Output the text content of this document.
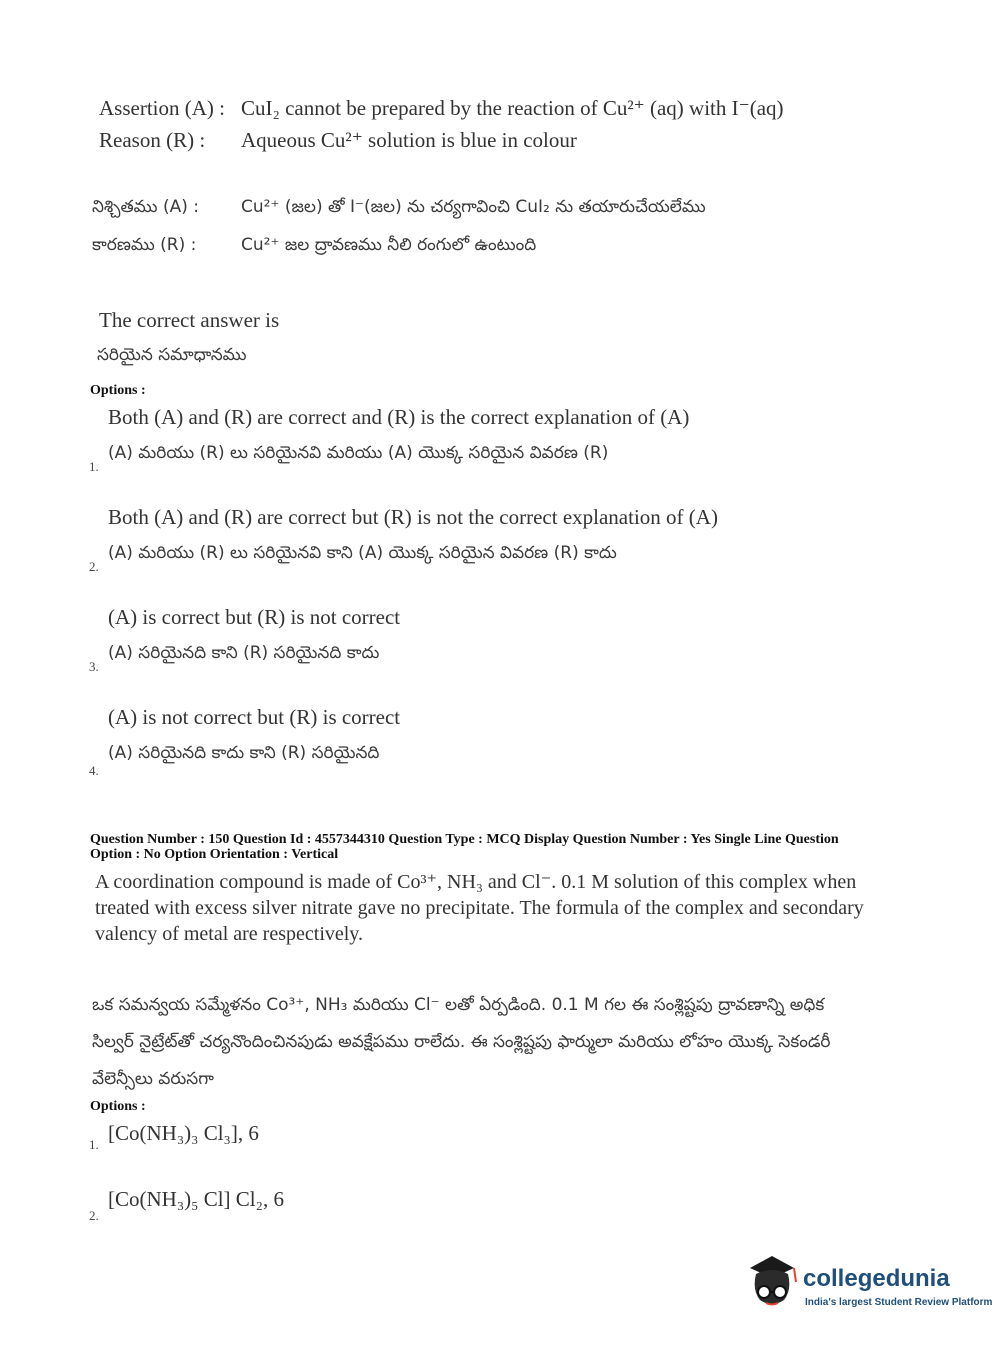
Assertion (A) : CuI₂ cannot be prepared by the reaction of Cu²⁺ (aq) with I⁻(aq)
Reason (R) : Aqueous Cu²⁺ solution is blue in colour
నిశ్చితము (A) : Cu²⁺ (జల) తో I⁻(జల) ను చర్యగావించి CuI₂ ను తయారుచేయలేము
కారణము (R) :	Cu²⁺ జల ద్రావణము నీలి రంగులో ఉంటుంది
The correct answer is
సరియైన సమాధానము
Options :
Both (A) and (R) are correct and (R) is the correct explanation of (A)
(A) మరియు (R) లు సరియైనవి మరియు (A) యొక్క సరియైన వివరణ (R)
1.
Both (A) and (R) are correct but (R) is not the correct explanation of (A)
(A) మరియు (R) లు సరియైనవి కాని (A) యొక్క సరియైన వివరణ (R) కాదు
2.
(A) is correct but (R) is not correct
(A) సరియైనది కాని (R) సరియైనది కాదు
3.
(A) is not correct but (R) is correct
(A) సరియైనది కాదు కాని (R) సరియైనది
4.
Question Number : 150 Question Id : 4557344310 Question Type : MCQ Display Question Number : Yes Single Line Question
Option : No Option Orientation : Vertical
A coordination compound is made of Co³⁺, NH₃ and Cl⁻. 0.1 M solution of this complex when treated with excess silver nitrate gave no precipitate. The formula of the complex and secondary valency of metal are respectively.
ఒక సమన్వయ సమ్మేళనం Co³⁺, NH₃ మరియు Cl⁻ లతో ఏర్పడింది. 0.1 M గల ఈ సంశ్లిష్టపు ద్రావణాన్ని అధిక సిల్వర్ నైట్రేట్‌తో చర్యనొందించినపుడు అవక్షేపము రాలేదు. ఈ సంశ్లిష్టపు ఫార్ములా మరియు లోహం యొక్క సెకండరీ వేలెన్సీలు వరుసగా
Options :
[Co(NH₃)₃ Cl₃], 6
1.
[Co(NH₃)₅ Cl] Cl₂, 6
2.
collegedunia
India's largest Student Review Platform
